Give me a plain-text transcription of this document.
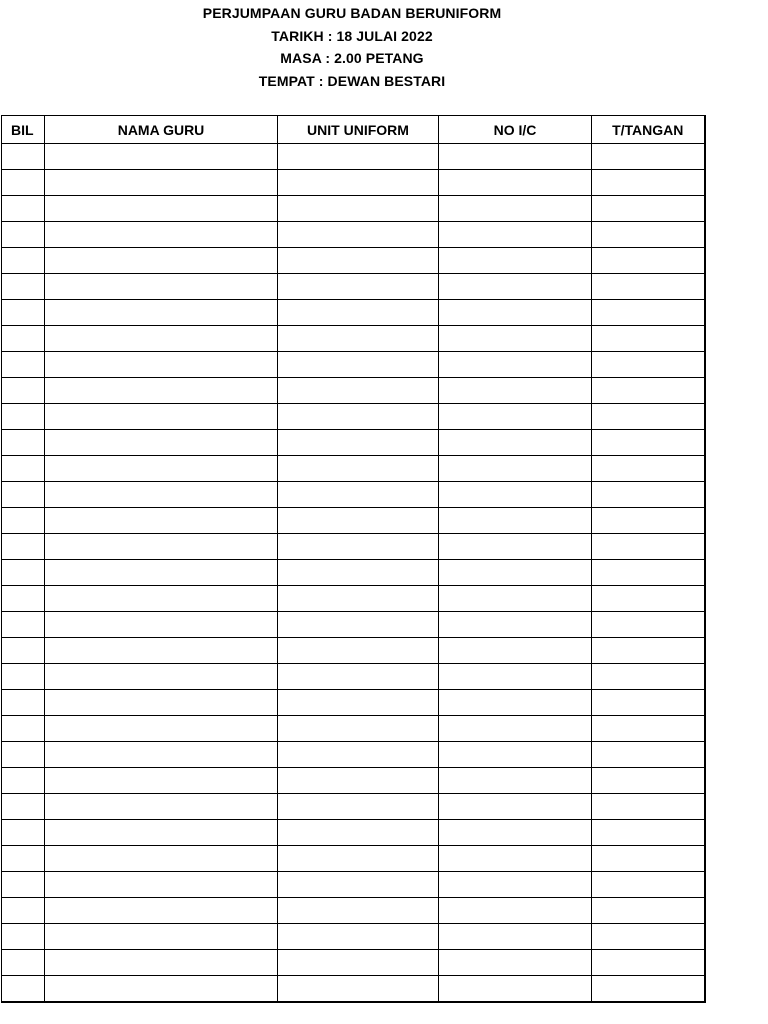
PERJUMPAAN GURU BADAN BERUNIFORM
TARIKH : 18 JULAI 2022
MASA : 2.00 PETANG
TEMPAT : DEWAN BESTARI
BIL	NAMA GURU	UNIT UNIFORM	NO I/C	T/TANGAN
